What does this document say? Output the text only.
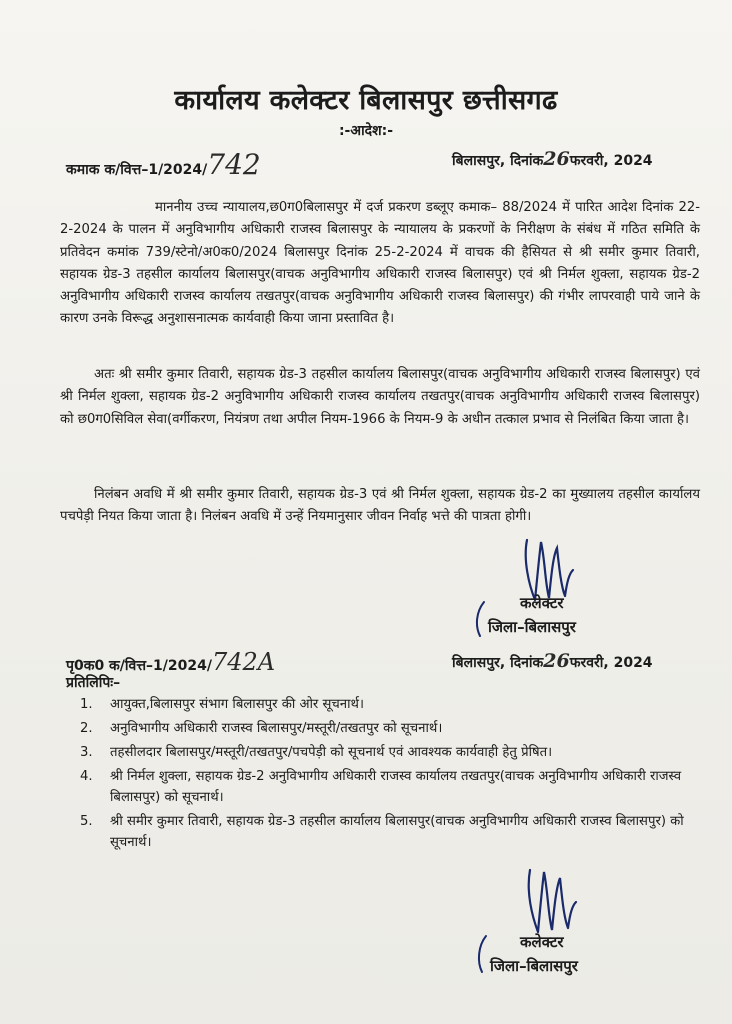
कार्यालय कलेक्टर बिलासपुर छत्तीसगढ
:-आदेश:-
कमाक क/वित्त–1/2024/742	बिलासपुर, दिनांक26फरवरी, 2024
माननीय उच्च न्यायालय,छ0ग0बिलासपुर में दर्ज प्रकरण डब्लूए कमाक– 88/2024 में पारित आदेश दिनांक 22-2-2024 के पालन में अनुविभागीय अधिकारी राजस्व बिलासपुर के न्यायालय के प्रकरणों के निरीक्षण के संबंध में गठित समिति के प्रतिवेदन कमांक 739/स्टेनो/अ0क0/2024 बिलासपुर दिनांक 25-2-2024 में वाचक की हैसियत से श्री समीर कुमार तिवारी, सहायक ग्रेड-3 तहसील कार्यालय बिलासपुर(वाचक अनुविभागीय अधिकारी राजस्व बिलासपुर) एवं श्री निर्मल शुक्ला, सहायक ग्रेड-2 अनुविभागीय अधिकारी राजस्व कार्यालय तखतपुर(वाचक अनुविभागीय अधिकारी राजस्व बिलासपुर) की गंभीर लापरवाही पाये जाने के कारण उनके विरूद्ध अनुशासनात्मक कार्यवाही किया जाना प्रस्तावित है।
अतः श्री समीर कुमार तिवारी, सहायक ग्रेड-3 तहसील कार्यालय बिलासपुर(वाचक अनुविभागीय अधिकारी राजस्व बिलासपुर) एवं श्री निर्मल शुक्ला, सहायक ग्रेड-2 अनुविभागीय अधिकारी राजस्व कार्यालय तखतपुर(वाचक अनुविभागीय अधिकारी राजस्व बिलासपुर) को छ0ग0सिविल सेवा(वर्गीकरण, नियंत्रण तथा अपील नियम-1966 के नियम-9 के अधीन तत्काल प्रभाव से निलंबित किया जाता है।
निलंबन अवधि में श्री समीर कुमार तिवारी, सहायक ग्रेड-3 एवं श्री निर्मल शुक्ला, सहायक ग्रेड-2 का मुख्यालय तहसील कार्यालय पचपेड़ी नियत किया जाता है। निलंबन अवधि में उन्हें नियमानुसार जीवन निर्वाह भत्ते की पात्रता होगी।
कलेक्टर
जिला–बिलासपुर
पृ0क0 क/वित्त–1/2024/742A	बिलासपुर, दिनांक26फरवरी, 2024
प्रतिलिपिः–
1. आयुक्त,बिलासपुर संभाग बिलासपुर की ओर सूचनार्थ।
2. अनुविभागीय अधिकारी राजस्व बिलासपुर/मस्तूरी/तखतपुर को सूचनार्थ।
3. तहसीलदार बिलासपुर/मस्तूरी/तखतपुर/पचपेड़ी को सूचनार्थ एवं आवश्यक कार्यवाही हेतु प्रेषित।
4. श्री निर्मल शुक्ला, सहायक ग्रेड-2 अनुविभागीय अधिकारी राजस्व कार्यालय तखतपुर(वाचक अनुविभागीय अधिकारी राजस्व बिलासपुर) को सूचनार्थ।
5. श्री समीर कुमार तिवारी, सहायक ग्रेड-3 तहसील कार्यालय बिलासपुर(वाचक अनुविभागीय अधिकारी राजस्व बिलासपुर) को सूचनार्थ।
कलेक्टर
जिला–बिलासपुर
